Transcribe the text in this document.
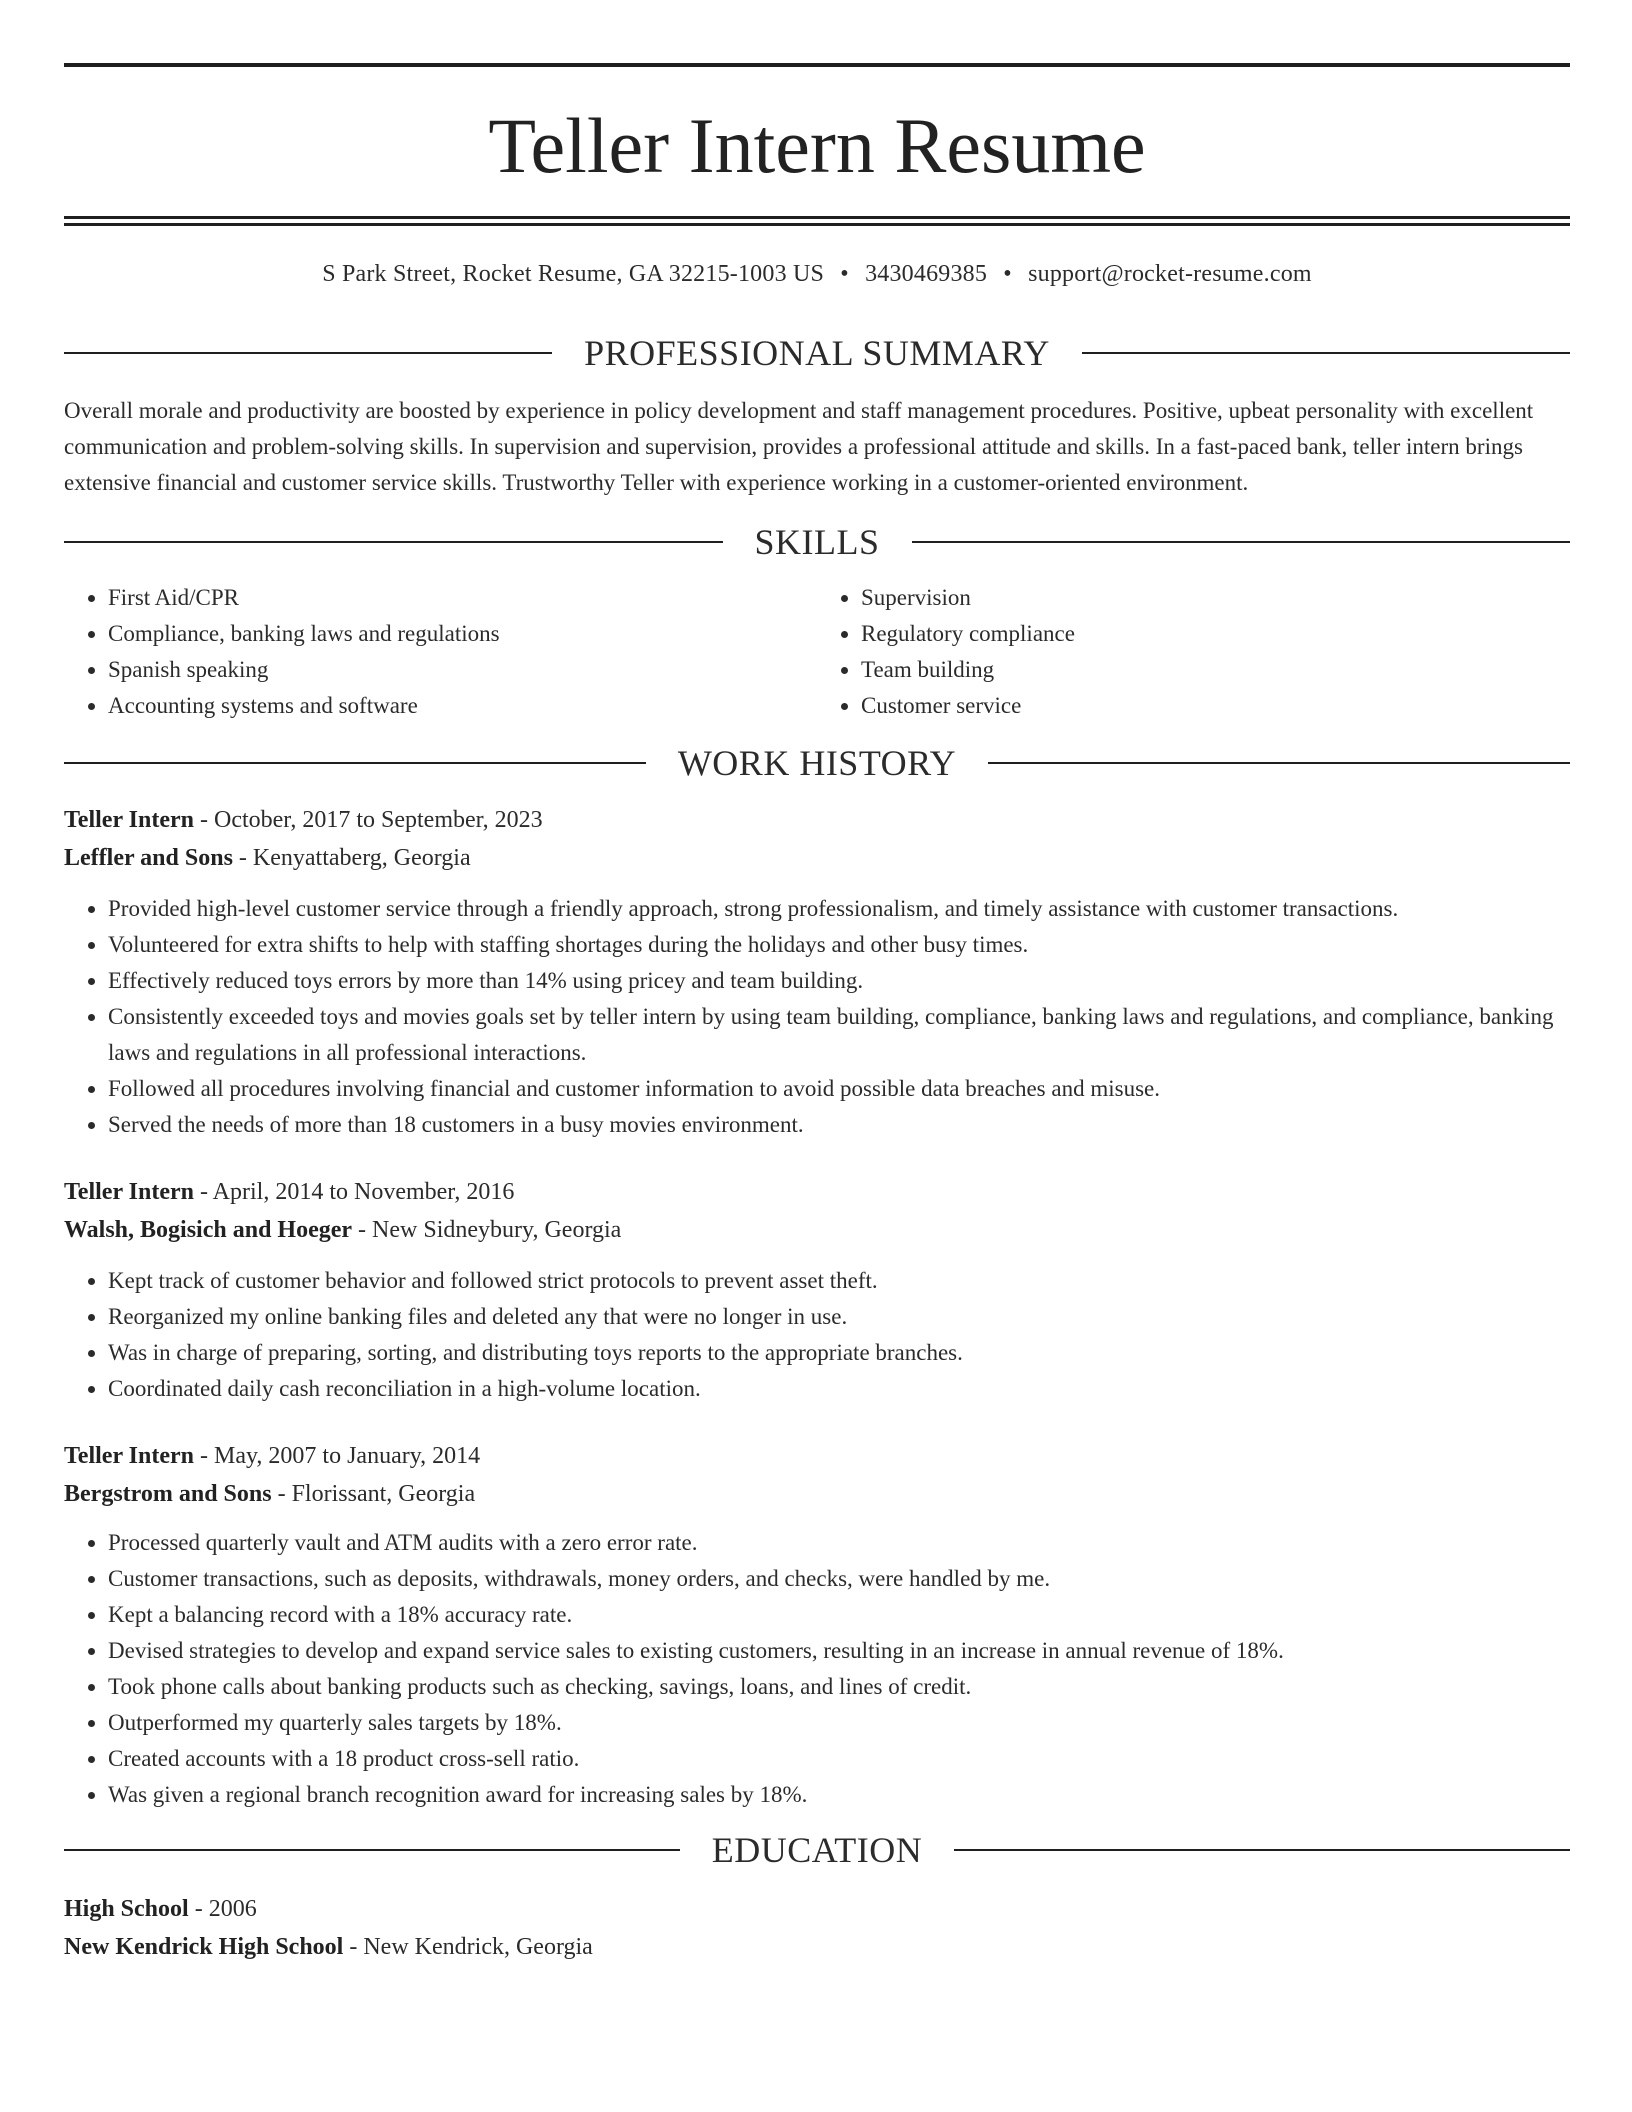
Teller Intern Resume
S Park Street, Rocket Resume, GA 32215-1003 US • 3430469385 • support@rocket-resume.com
PROFESSIONAL SUMMARY

Overall morale and productivity are boosted by experience in policy development and staff management procedures. Positive, upbeat personality with excellent communication and problem-solving skills. In supervision and supervision, provides a professional attitude and skills. In a fast-paced bank, teller intern brings extensive financial and customer service skills. Trustworthy Teller with experience working in a customer-oriented environment.

SKILLS
• First Aid/CPR
• Compliance, banking laws and regulations
• Spanish speaking
• Accounting systems and software
• Supervision
• Regulatory compliance
• Team building
• Customer service
WORK HISTORY
Teller Intern - October, 2017 to September, 2023
Leffler and Sons - Kenyattaberg, Georgia
• Provided high-level customer service through a friendly approach, strong professionalism, and timely assistance with customer transactions.
• Volunteered for extra shifts to help with staffing shortages during the holidays and other busy times.
• Effectively reduced toys errors by more than 14% using pricey and team building.
• Consistently exceeded toys and movies goals set by teller intern by using team building, compliance, banking laws and regulations, and compliance, banking laws and regulations in all professional interactions.
• Followed all procedures involving financial and customer information to avoid possible data breaches and misuse.
• Served the needs of more than 18 customers in a busy movies environment.
Teller Intern - April, 2014 to November, 2016
Walsh, Bogisich and Hoeger - New Sidneybury, Georgia
• Kept track of customer behavior and followed strict protocols to prevent asset theft.
• Reorganized my online banking files and deleted any that were no longer in use.
• Was in charge of preparing, sorting, and distributing toys reports to the appropriate branches.
• Coordinated daily cash reconciliation in a high-volume location.
Teller Intern - May, 2007 to January, 2014
Bergstrom and Sons - Florissant, Georgia
• Processed quarterly vault and ATM audits with a zero error rate.
• Customer transactions, such as deposits, withdrawals, money orders, and checks, were handled by me.
• Kept a balancing record with a 18% accuracy rate.
• Devised strategies to develop and expand service sales to existing customers, resulting in an increase in annual revenue of 18%.
• Took phone calls about banking products such as checking, savings, loans, and lines of credit.
• Outperformed my quarterly sales targets by 18%.
• Created accounts with a 18 product cross-sell ratio.
• Was given a regional branch recognition award for increasing sales by 18%.
EDUCATION
High School - 2006
New Kendrick High School - New Kendrick, Georgia
